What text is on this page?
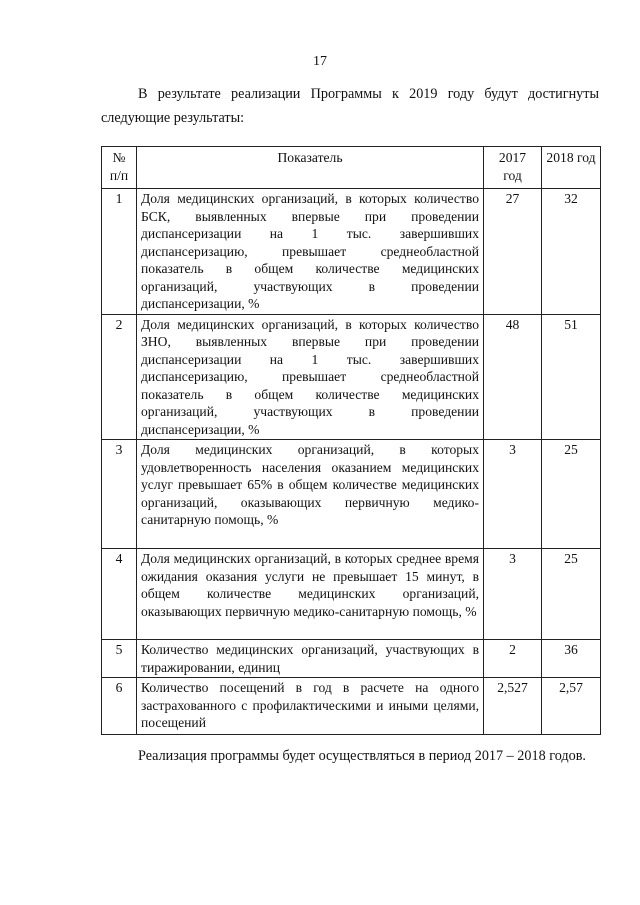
17

В результате реализации Программы к 2019 году будут достигнуты следующие результаты:

№ п/п	Показатель	2017 год	2018 год
1	Доля медицинских организаций, в которых количество БСК, выявленных впервые при проведении диспансеризации на 1 тыс. завершивших диспансеризацию, превышает среднеобластной показатель в общем количестве медицинских организаций, участвующих в проведении диспансеризации, %	27	32
2	Доля медицинских организаций, в которых количество ЗНО, выявленных впервые при проведении диспансеризации на 1 тыс. завершивших диспансеризацию, превышает среднеобластной показатель в общем количестве медицинских организаций, участвующих в проведении диспансеризации, %	48	51
3	Доля медицинских организаций, в которых удовлетворенность населения оказанием медицинских услуг превышает 65% в общем количестве медицинских организаций, оказывающих первичную медико-санитарную помощь, %	3	25
4	Доля медицинских организаций, в которых среднее время ожидания оказания услуги не превышает 15 минут, в общем количестве медицинских организаций, оказывающих первичную медико-санитарную помощь, %	3	25
5	Количество медицинских организаций, участвующих в тиражировании, единиц	2	36
6	Количество посещений в год в расчете на одного застрахованного с профилактическими и иными целями, посещений	2,527	2,57

Реализация программы будет осуществляться в период 2017 – 2018 годов.
